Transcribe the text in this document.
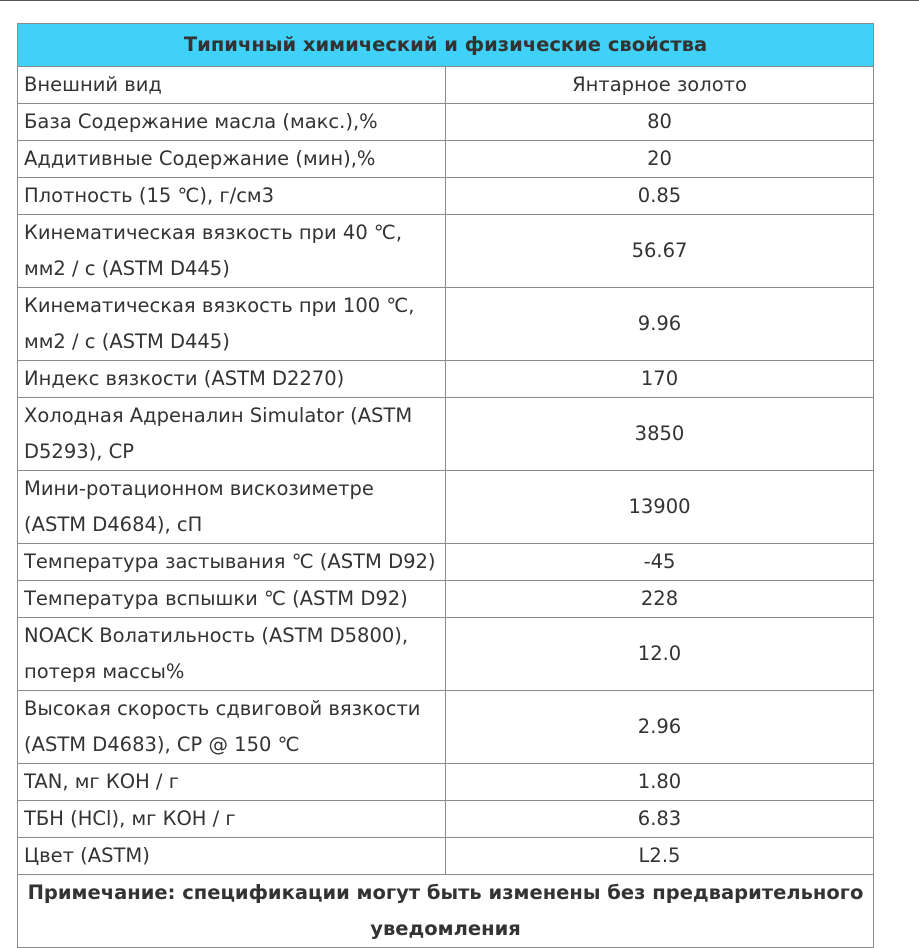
Типичный химический и физические свойства	
Внешний вид	Янтарное золото
База Содержание масла (макс.),%	80
Аддитивные Содержание (мин),%	20
Плотность (15 ℃), г/см3	0.85
Кинематическая вязкость при 40 ℃, мм2 / с (ASTM D445)	56.67
Кинематическая вязкость при 100 ℃, мм2 / с (ASTM D445)	9.96
Индекс вязкости (ASTM D2270)	170
Холодная Адреналин Simulator (ASTM D5293), СР	3850
Мини-ротационном вискозиметре (ASTM D4684), сП	13900
Температура застывания ℃ (ASTM D92)	-45
Температура вспышки ℃ (ASTM D92)	228
NOACK Волатильность (ASTM D5800), потеря массы%	12.0
Высокая скорость сдвиговой вязкости (ASTM D4683), СР @ 150 ℃	2.96
TAN, мг КОН / г	1.80
ТБН (HCl), мг КОН / г	6.83
Цвет (ASTM)	L2.5
Примечание: спецификации могут быть изменены без предварительного уведомления	
